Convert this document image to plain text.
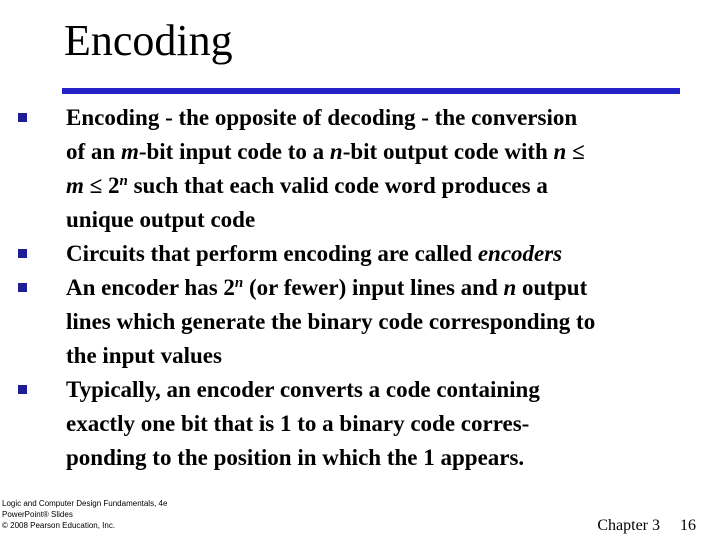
Encoding
Encoding - the opposite of decoding - the conversion
of an m-bit input code to a n-bit output code with n ≤
$m \le 2^n$ such that each valid code word produces a
unique output code
Circuits that perform encoding are called encoders
An encoder has 2$^n$ (or fewer) input lines and n output
lines which generate the binary code corresponding to
the input values
Typically, an encoder converts a code containing
exactly one bit that is 1 to a binary code corres-
ponding to the position in which the 1 appears.
Logic and Computer Design Fundamentals, 4e
PowerPoint® Slides
© 2008 Pearson Education, Inc.	Chapter 3 16
